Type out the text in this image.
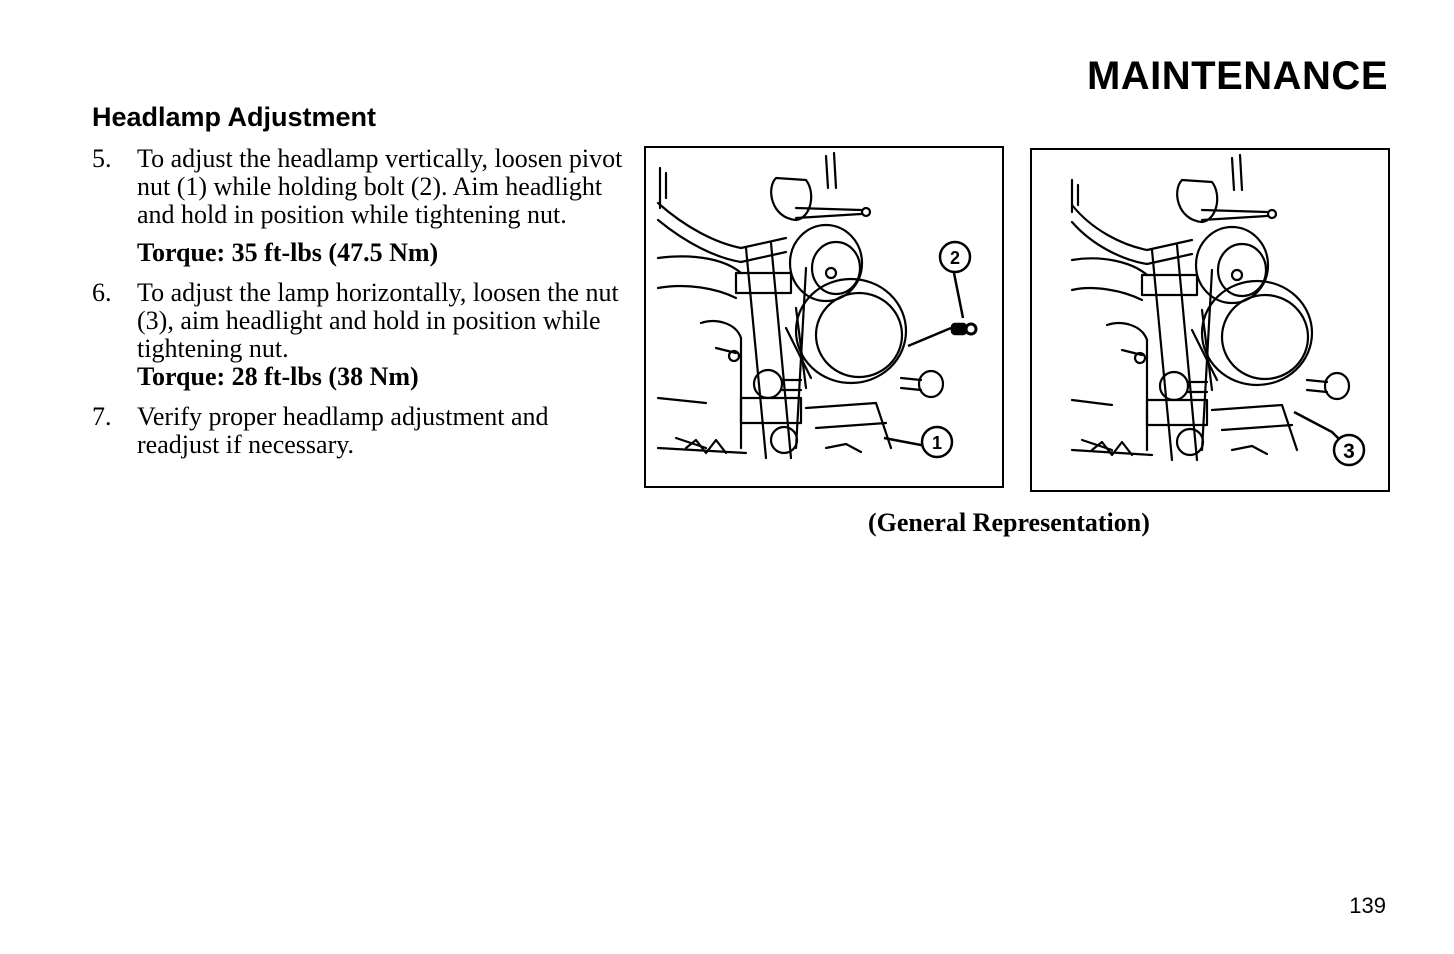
MAINTENANCE
Headlamp Adjustment
5. To adjust the headlamp vertically, loosen pivot nut (1) while holding bolt (2). Aim headlight and hold in position while tightening nut.
Torque: 35 ft-lbs (47.5 Nm)
6. To adjust the lamp horizontally, loosen the nut (3), aim headlight and hold in position while tightening nut.
Torque: 28 ft-lbs (38 Nm)
7. Verify proper headlamp adjustment and readjust if necessary.
2
1	3

(General Representation)

139
